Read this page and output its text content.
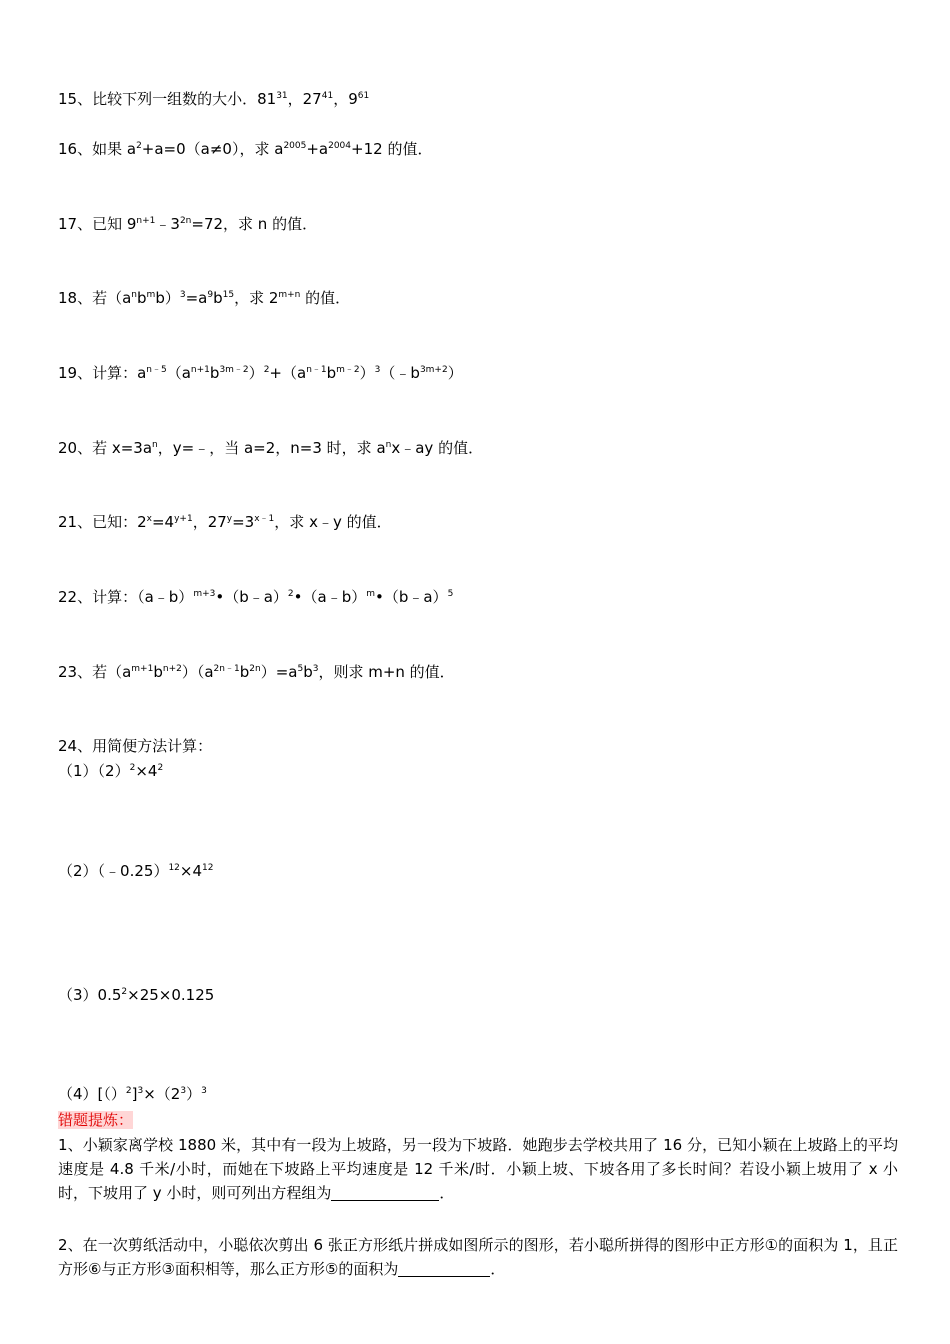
15、比较下列一组数的大小．$81^{31}$，$27^{41}$，$9^{61}$
16、如果 $a^2+a=0(a\ne 0)$，求 $a^{2005}+a^{2004}+12$ 的值．
17、已知 $9^{n+1}﹣3^{2n}=72$，求 n 的值．
18、若$(a^nb^mb)^3=a^9b^{15}$，求 $2^{m+n}$ 的值．
19、计算：$a^{n﹣5}(a^{n+1}b^{3m﹣2})^2+(a^{n﹣1}b^{m﹣2})^3(﹣b^{3m+2})$
20、若 $x=3a^n$，y=﹣，当 a=2，n=3 时，求 $a^nx﹣ay$ 的值．
21、已知：$2^x=4^{y+1}$，$27^y=3^{x﹣1}$，求 x﹣y 的值．
22、计算：（a﹣b）$^{m+3}$•（b﹣a）$^2$•（a﹣b）$^m$•（b﹣a）$^5$
23、若$(a^{m+1}b^{n+2})(a^{2n﹣1}b^{2n})=a^5b^3$，则求 m+n 的值．
24、用简便方法计算：
$(1)(2)^2\times 4^2$
$(2)(﹣0.25)^{12}\times 4^{12}$
$(3)0.5^2\times 25\times 0.125$
$(4)[()^2]^3\times(2^3)^3$
错题提炼：
1、小颖家离学校 1880 米，其中有一段为上坡路，另一段为下坡路．她跑步去学校共用了 16 分，已知小颖在上坡路上的平均速度是 4.8 千米/小时，而她在下坡路上平均速度是 12 千米/时．小颖上坡、下坡各用了多长时间？若设小颖上坡用了 x 小时，下坡用了 y 小时，则可列出方程组为	．
2、在一次剪纸活动中，小聪依次剪出 6 张正方形纸片拼成如图所示的图形，若小聪所拼得的图形中正方形①的面积为 1，且正方形⑥与正方形③面积相等，那么正方形⑤的面积为	．
